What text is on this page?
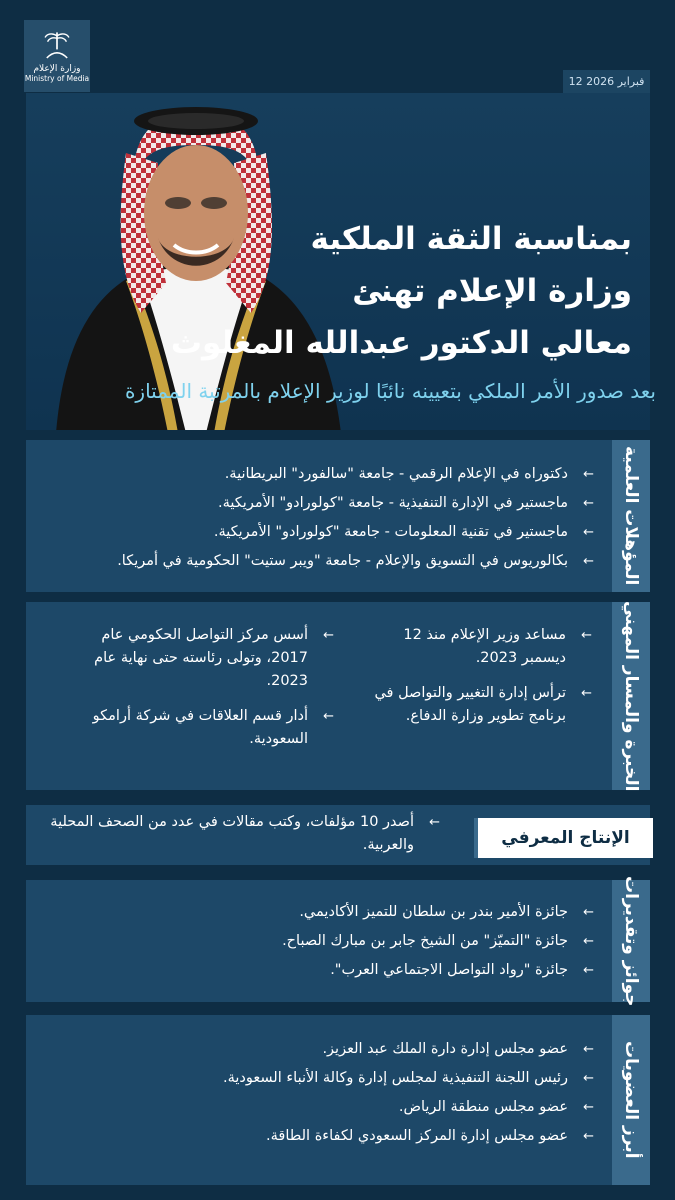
وزارة الإعلام
Ministry of Media	12 فبراير 2026
بمناسبة الثقة الملكية
وزارة الإعلام تهنئ
معالي الدكتور عبدالله المغلوث
بعد صدور الأمر الملكي بتعيينه نائبًا لوزير الإعلام بالمرتبة الممتازة
المؤهلات العلمية
←
دكتوراه في الإعلام الرقمي - جامعة "سالفورد" البريطانية.
←
ماجستير في الإدارة التنفيذية - جامعة "كولورادو" الأمريكية.
←
ماجستير في تقنية المعلومات - جامعة "كولورادو" الأمريكية.
←
بكالوريوس في التسويق والإعلام - جامعة "ويبر ستيت" الحكومية في أمريكا.
الخبرة والمسار المهني
←
مساعد وزير الإعلام منذ 12 ديسمبر 2023.
←
ترأس إدارة التغيير والتواصل في برنامج تطوير وزارة الدفاع.
←
أسس مركز التواصل الحكومي عام 2017، وتولى رئاسته حتى نهاية عام 2023.
←
أدار قسم العلاقات في شركة أرامكو السعودية.
←
أصدر 10 مؤلفات، وكتب مقالات في عدد من الصحف المحلية والعربية.	الإنتاج المعرفي
جوائز وتقديرات
←
جائزة الأمير بندر بن سلطان للتميز الأكاديمي.
←
جائزة "التميّز" من الشيخ جابر بن مبارك الصباح.
←
جائزة "رواد التواصل الاجتماعي العرب".
أبرز العضويات
←
عضو مجلس إدارة دارة الملك عبد العزيز.
←
رئيس اللجنة التنفيذية لمجلس إدارة وكالة الأنباء السعودية.
←
عضو مجلس منطقة الرياض.
←
عضو مجلس إدارة المركز السعودي لكفاءة الطاقة.
